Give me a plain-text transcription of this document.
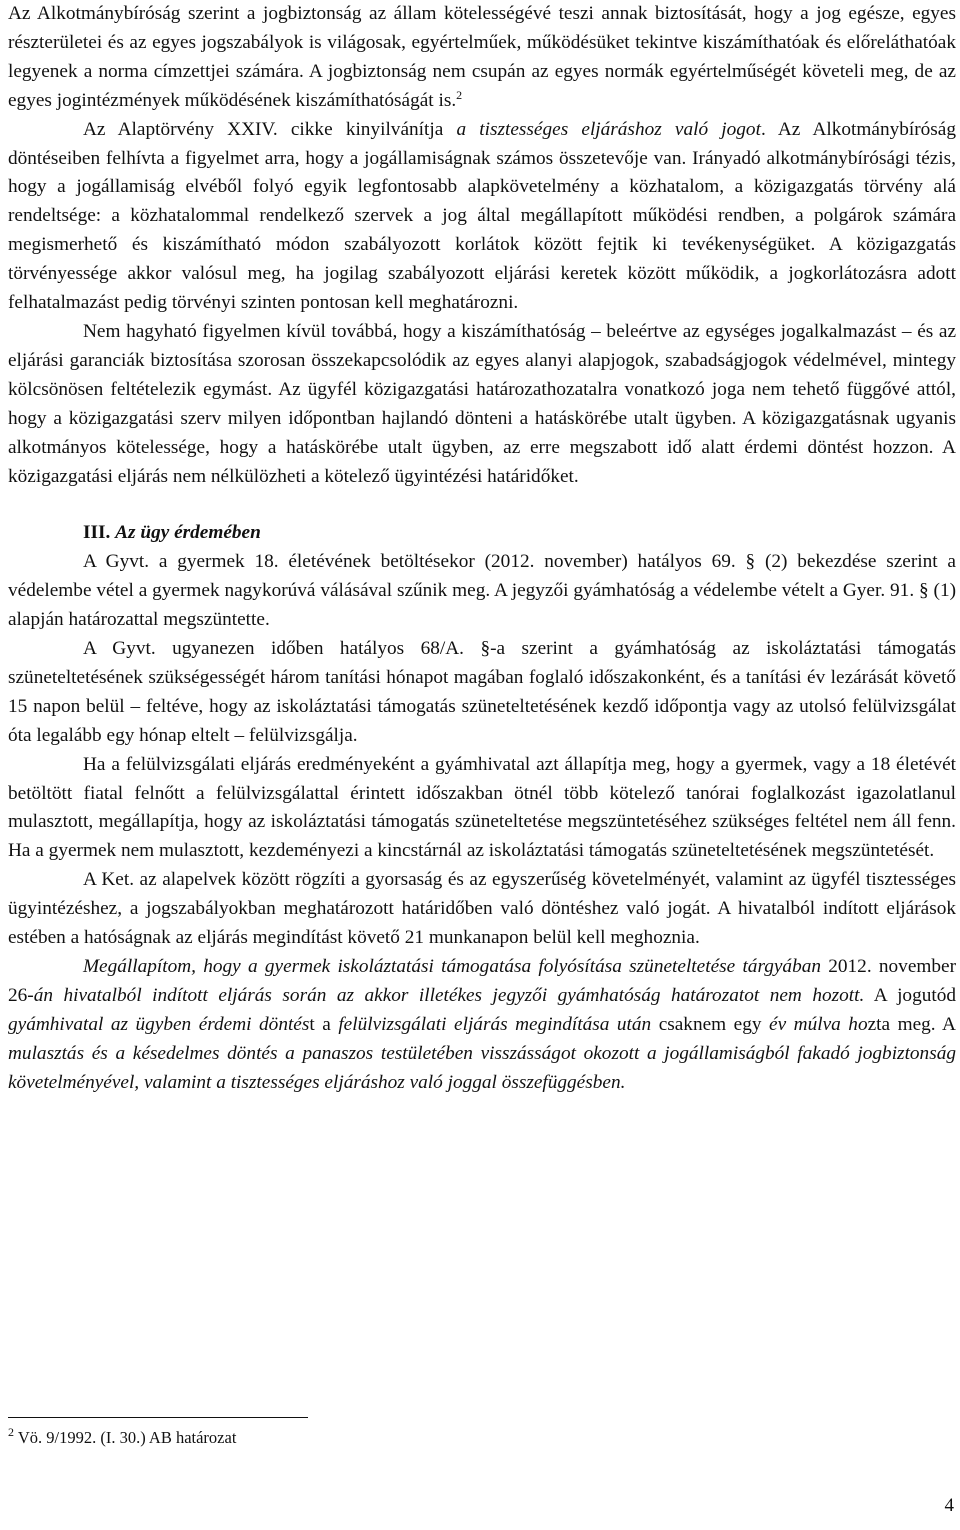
Az Alkotmánybíróság szerint a jogbiztonság az állam kötelességévé teszi annak biztosítását, hogy a jog egésze, egyes részterületei és az egyes jogszabályok is világosak, egyértelműek, működésüket tekintve kiszámíthatóak és előreláthatóak legyenek a norma címzettjei számára. A jogbiztonság nem csupán az egyes normák egyértelműségét követeli meg, de az egyes jogintézmények működésének kiszámíthatóságát is.$^2$

Az Alaptörvény XXIV. cikke kinyilvánítja a tisztességes eljáráshoz való jogot. Az Alkotmánybíróság döntéseiben felhívta a figyelmet arra, hogy a jogállamiságnak számos összetevője van. Irányadó alkotmánybírósági tézis, hogy a jogállamiság elvéből folyó egyik legfontosabb alapkövetelmény a közhatalom, a közigazgatás törvény alá rendeltsége: a közhatalommal rendelkező szervek a jog által megállapított működési rendben, a polgárok számára megismerhető és kiszámítható módon szabályozott korlátok között fejtik ki tevékenységüket. A közigazgatás törvényessége akkor valósul meg, ha jogilag szabályozott eljárási keretek között működik, a jogkorlátozásra adott felhatalmazást pedig törvényi szinten pontosan kell meghatározni.

Nem hagyható figyelmen kívül továbbá, hogy a kiszámíthatóság – beleértve az egységes jogalkalmazást – és az eljárási garanciák biztosítása szorosan összekapcsolódik az egyes alanyi alapjogok, szabadságjogok védelmével, mintegy kölcsönösen feltételezik egymást. Az ügyfél közigazgatási határozathozatalra vonatkozó joga nem tehető függővé attól, hogy a közigazgatási szerv milyen időpontban hajlandó dönteni a hatáskörébe utalt ügyben. A közigazgatásnak ugyanis alkotmányos kötelessége, hogy a hatáskörébe utalt ügyben, az erre megszabott idő alatt érdemi döntést hozzon. A közigazgatási eljárás nem nélkülözheti a kötelező ügyintézési határidőket.

III. Az ügy érdemében

A Gyvt. a gyermek 18. életévének betöltésekor (2012. november) hatályos 69. § (2) bekezdése szerint a védelembe vétel a gyermek nagykorúvá válásával szűnik meg. A jegyzői gyámhatóság a védelembe vételt a Gyer. 91. § (1) alapján határozattal megszüntette.

A Gyvt. ugyanezen időben hatályos 68/A. §-a szerint a gyámhatóság az iskoláztatási támogatás szüneteltetésének szükségességét három tanítási hónapot magában foglaló időszakonként, és a tanítási év lezárását követő 15 napon belül – feltéve, hogy az iskoláztatási támogatás szüneteltetésének kezdő időpontja vagy az utolsó felülvizsgálat óta legalább egy hónap eltelt – felülvizsgálja.

Ha a felülvizsgálati eljárás eredményeként a gyámhivatal azt állapítja meg, hogy a gyermek, vagy a 18 életévét betöltött fiatal felnőtt a felülvizsgálattal érintett időszakban ötnél több kötelező tanórai foglalkozást igazolatlanul mulasztott, megállapítja, hogy az iskoláztatási támogatás szüneteltetése megszüntetéséhez szükséges feltétel nem áll fenn. Ha a gyermek nem mulasztott, kezdeményezi a kincstárnál az iskoláztatási támogatás szüneteltetésének megszüntetését.

A Ket. az alapelvek között rögzíti a gyorsaság és az egyszerűség követelményét, valamint az ügyfél tisztességes ügyintézéshez, a jogszabályokban meghatározott határidőben való döntéshez való jogát. A hivatalból indított eljárások estében a hatóságnak az eljárás megindítást követő 21 munkanapon belül kell meghoznia.

Megállapítom, hogy a gyermek iskoláztatási támogatása folyósítása szüneteltetése tárgyában 2012. november 26-án hivatalból indított eljárás során az akkor illetékes jegyzői gyámhatóság határozatot nem hozott. A jogutód gyámhivatal az ügyben érdemi döntést a felülvizsgálati eljárás megindítása után csaknem egy év múlva hozta meg. A mulasztás és a késedelmes döntés a panaszos testületében visszásságot okozott a jogállamiságból fakadó jogbiztonság követelményével, valamint a tisztességes eljáráshoz való joggal összefüggésben.

$^2$ Vö. 9/1992. (I. 30.) AB határozat
4
